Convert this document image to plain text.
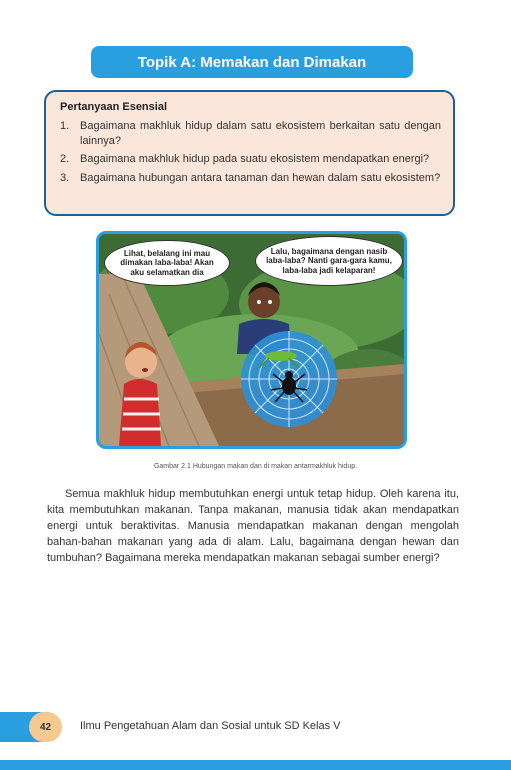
Topik A: Memakan dan Dimakan
Pertanyaan Esensial
1. Bagaimana makhluk hidup dalam satu ekosistem berkaitan satu dengan lainnya?
2. Bagaimana makhluk hidup pada suatu ekosistem mendapatkan energi?
3. Bagaimana hubungan antara tanaman dan hewan dalam satu ekosistem?
Lihat, belalang ini mau dimakan laba-laba! Akan aku selamatkan dia
Lalu, bagaimana dengan nasib laba-laba? Nanti gara-gara kamu, laba-laba jadi kelaparan!
Gambar 2.1 Hubungan makan dan di makan antarmakhluk hidup.

Semua makhluk hidup membutuhkan energi untuk tetap hidup. Oleh karena itu, kita membutuhkan makanan. Tanpa makanan, manusia tidak akan mendapatkan energi untuk beraktivitas. Manusia mendapatkan makanan dengan mengolah bahan-bahan makanan yang ada di alam. Lalu, bagaimana dengan hewan dan tumbuhan? Bagaimana mereka mendapatkan makanan sebagai sumber energi?

42	Ilmu Pengetahuan Alam dan Sosial untuk SD Kelas V
